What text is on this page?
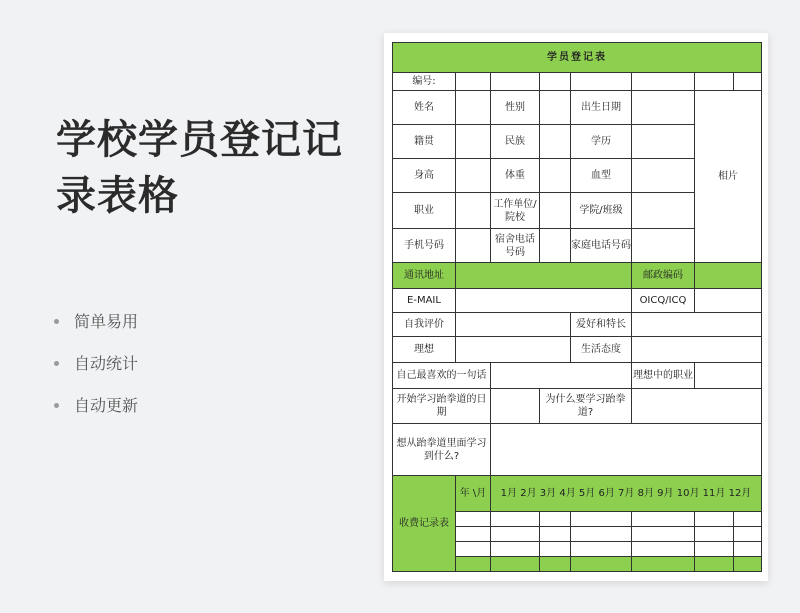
学校学员登记记录表格
简单易用
自动统计
自动更新
学员登记表								
编号:								
姓名		性别		出生日期		相片		
籍贯		民族		学历				
身高		体重		血型				
职业		工作单位/院校		学院/班级				
手机号码		宿舍电话号码		家庭电话号码				
通讯地址					邮政编码			
E-MAIL					OICQ/ICQ			
自我评价				爱好和特长				
理想				生活态度				
自己最喜欢的一句话					理想中的职业			
开始学习跆拳道的日期			为什么要学习跆拳道?					
想从跆拳道里面学习到什么?								
收费记录表	年 \月	1月 2月 3月 4月 5月 6月 7月 8月 9月 10月 11月 12月						
